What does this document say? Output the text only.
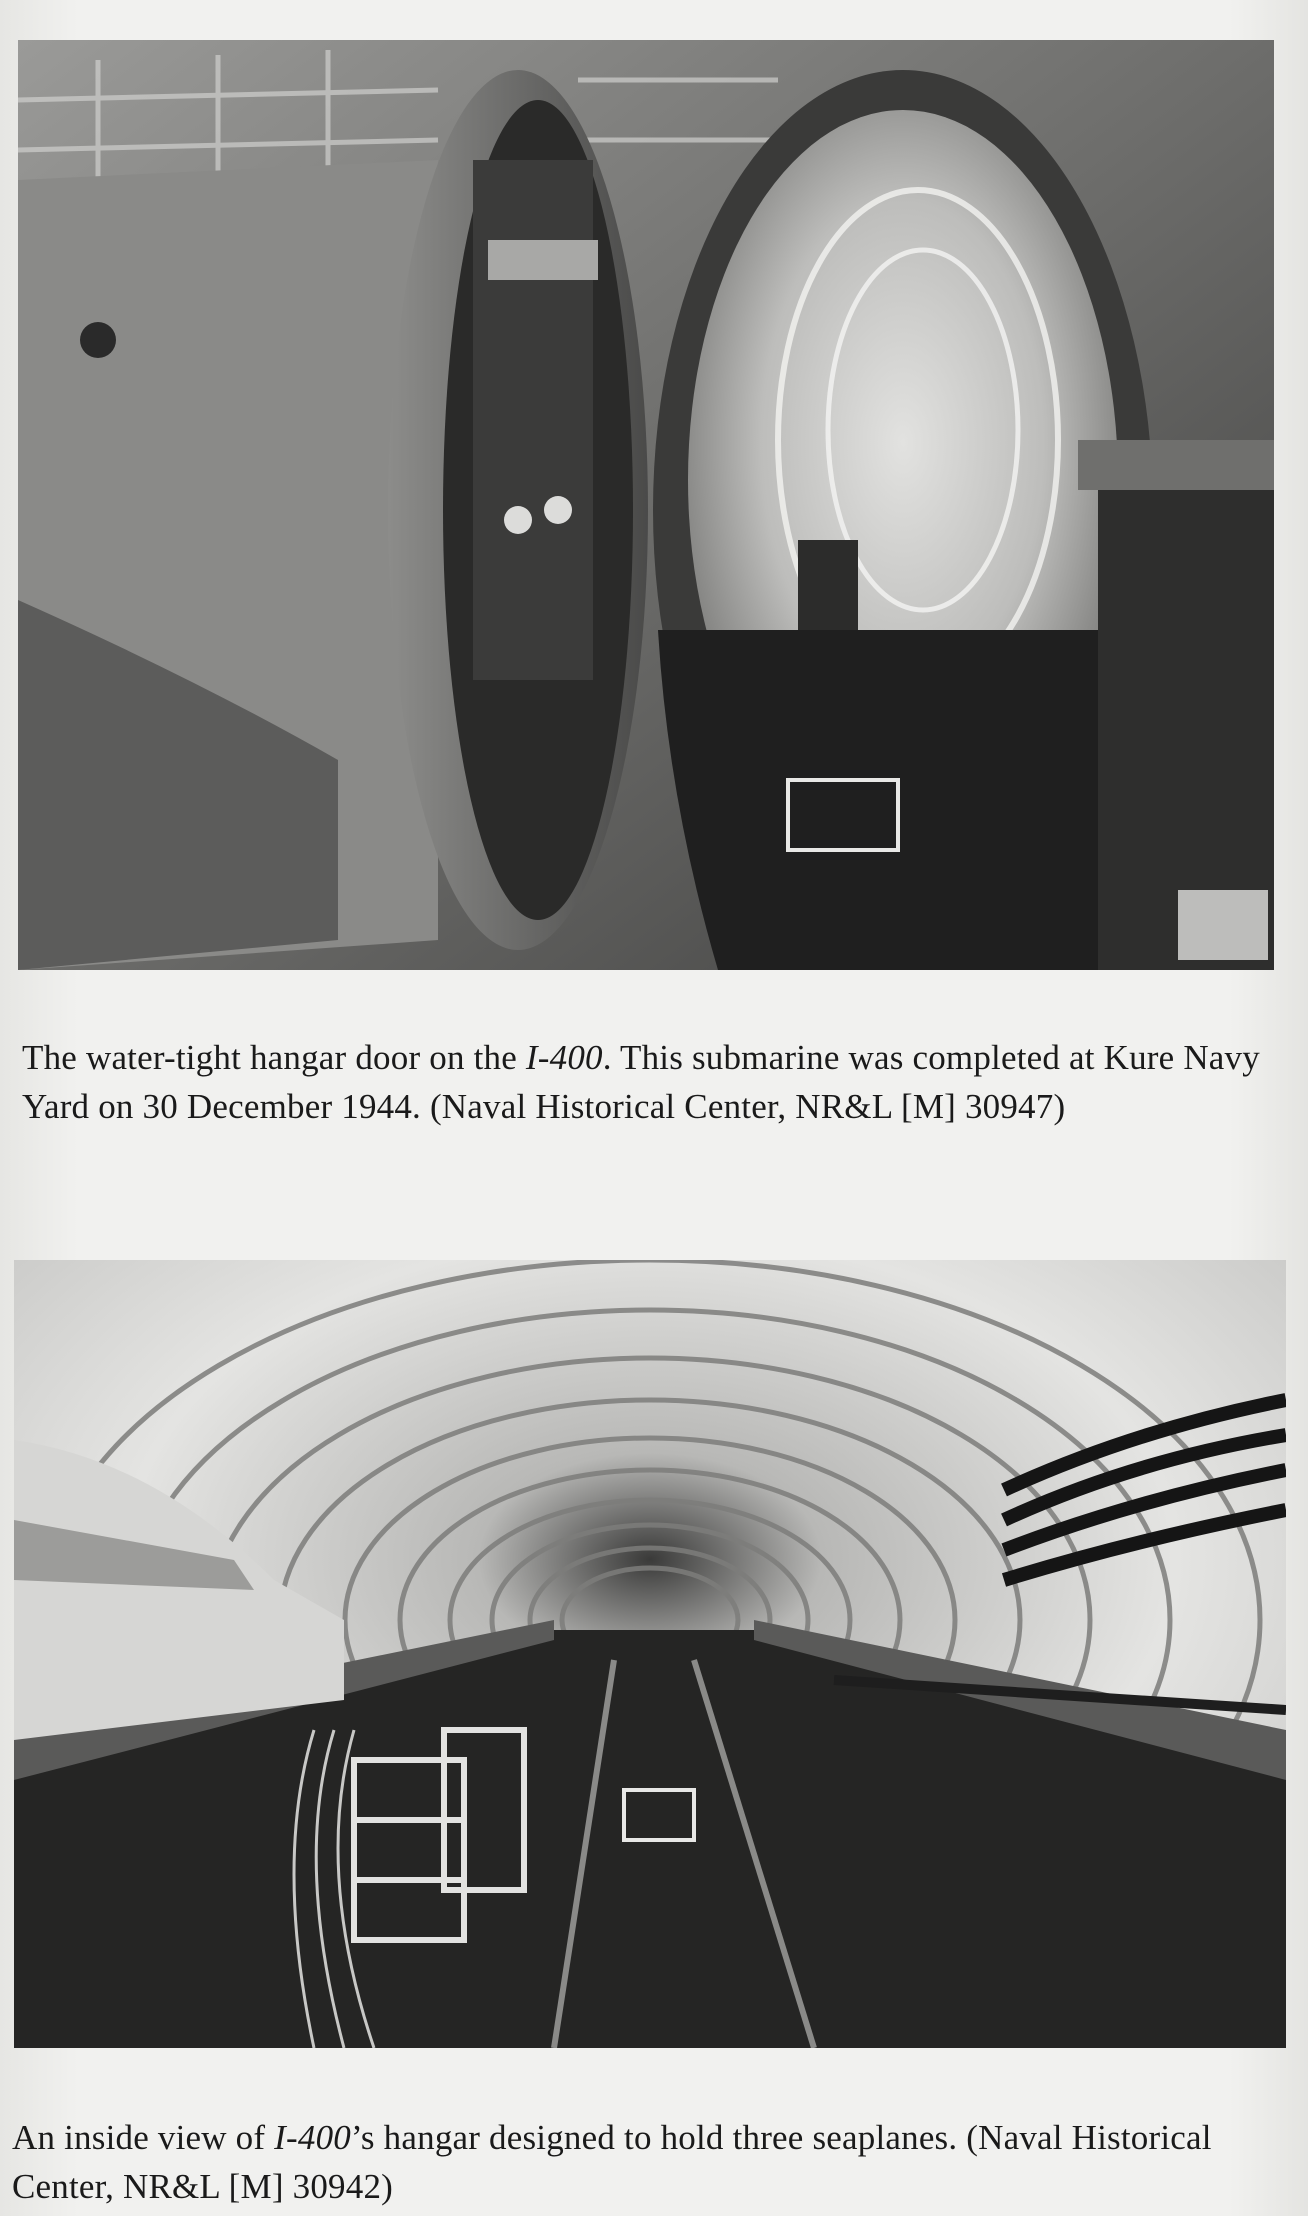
The water-tight hangar door on the I-400. This submarine was completed at Kure Navy Yard on 30 December 1944. (Naval Historical Center, NR&L [M] 30947)

An inside view of I-400’s hangar designed to hold three seaplanes. (Naval Historical Center, NR&L [M] 30942)
